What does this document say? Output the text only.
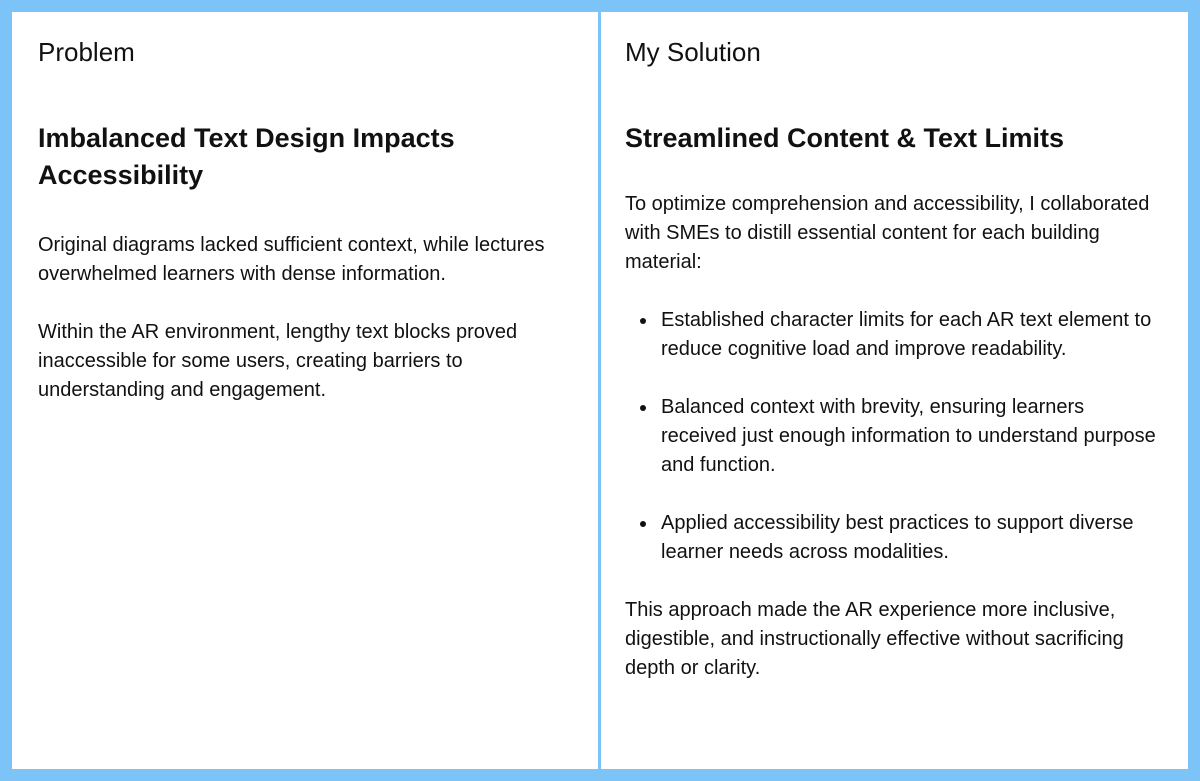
Problem
Imbalanced Text Design Impacts Accessibility

Original diagrams lacked sufficient context, while lectures overwhelmed learners with dense information.

Within the AR environment, lengthy text blocks proved inaccessible for some users, creating barriers to understanding and engagement.

My Solution
Streamlined Content & Text Limits

To optimize comprehension and accessibility, I collaborated with SMEs to distill essential content for each building material:

Established character limits for each AR text element to reduce cognitive load and improve readability.
Balanced context with brevity, ensuring learners received just enough information to understand purpose and function.
Applied accessibility best practices to support diverse learner needs across modalities.

This approach made the AR experience more inclusive, digestible, and instructionally effective without sacrificing depth or clarity.
